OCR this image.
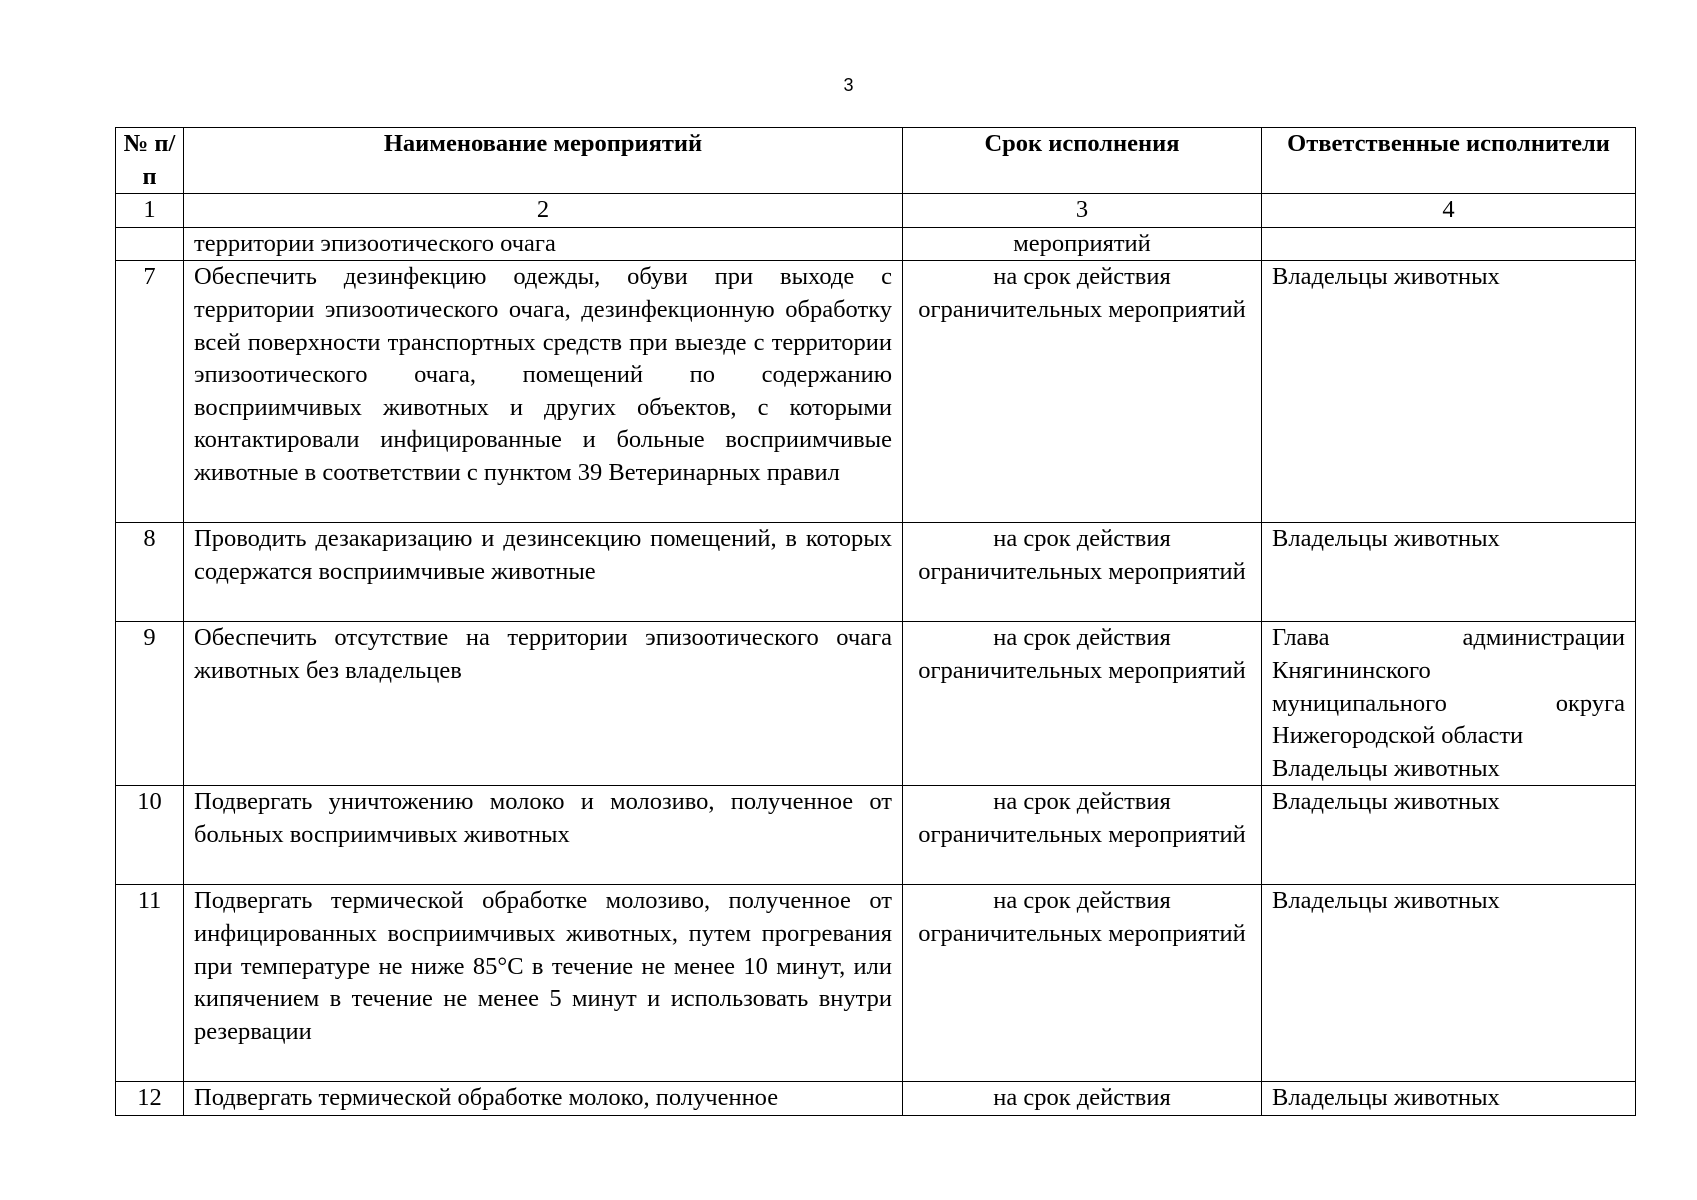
3
№ п/п	Наименование мероприятий	Срок исполнения	Ответственные исполнители
1	2	3	4
	территории эпизоотического очага	мероприятий	
7	Обеспечить дезинфекцию одежды, обуви при выходе с территории эпизоотического очага, дезинфекционную обработку всей поверхности транспортных средств при выезде с территории эпизоотического очага, помещений по содержанию восприимчивых животных и других объектов, с которыми контактировали инфицированные и больные восприимчивые животные в соответствии с пунктом 39 Ветеринарных правил	на срок действия ограничительных мероприятий	Владельцы животных
8	Проводить дезакаризацию и дезинсекцию помещений, в которых содержатся восприимчивые животные	на срок действия ограничительных мероприятий	Владельцы животных
9	Обеспечить отсутствие на территории эпизоотического очага животных без владельцев	на срок действия ограничительных мероприятий	Глава администрации
Княгининского
муниципального округа
Нижегородской области
Владельцы животных

10	Подвергать уничтожению молоко и молозиво, полученное от больных восприимчивых животных	на срок действия ограничительных мероприятий	Владельцы животных
11	Подвергать термической обработке молозиво, полученное от инфицированных восприимчивых животных, путем прогревания при температуре не ниже 85°C в течение не менее 10 минут, или кипячением в течение не менее 5 минут и использовать внутри резервации	на срок действия ограничительных мероприятий	Владельцы животных
12	Подвергать термической обработке молоко, полученное	на срок действия	Владельцы животных
